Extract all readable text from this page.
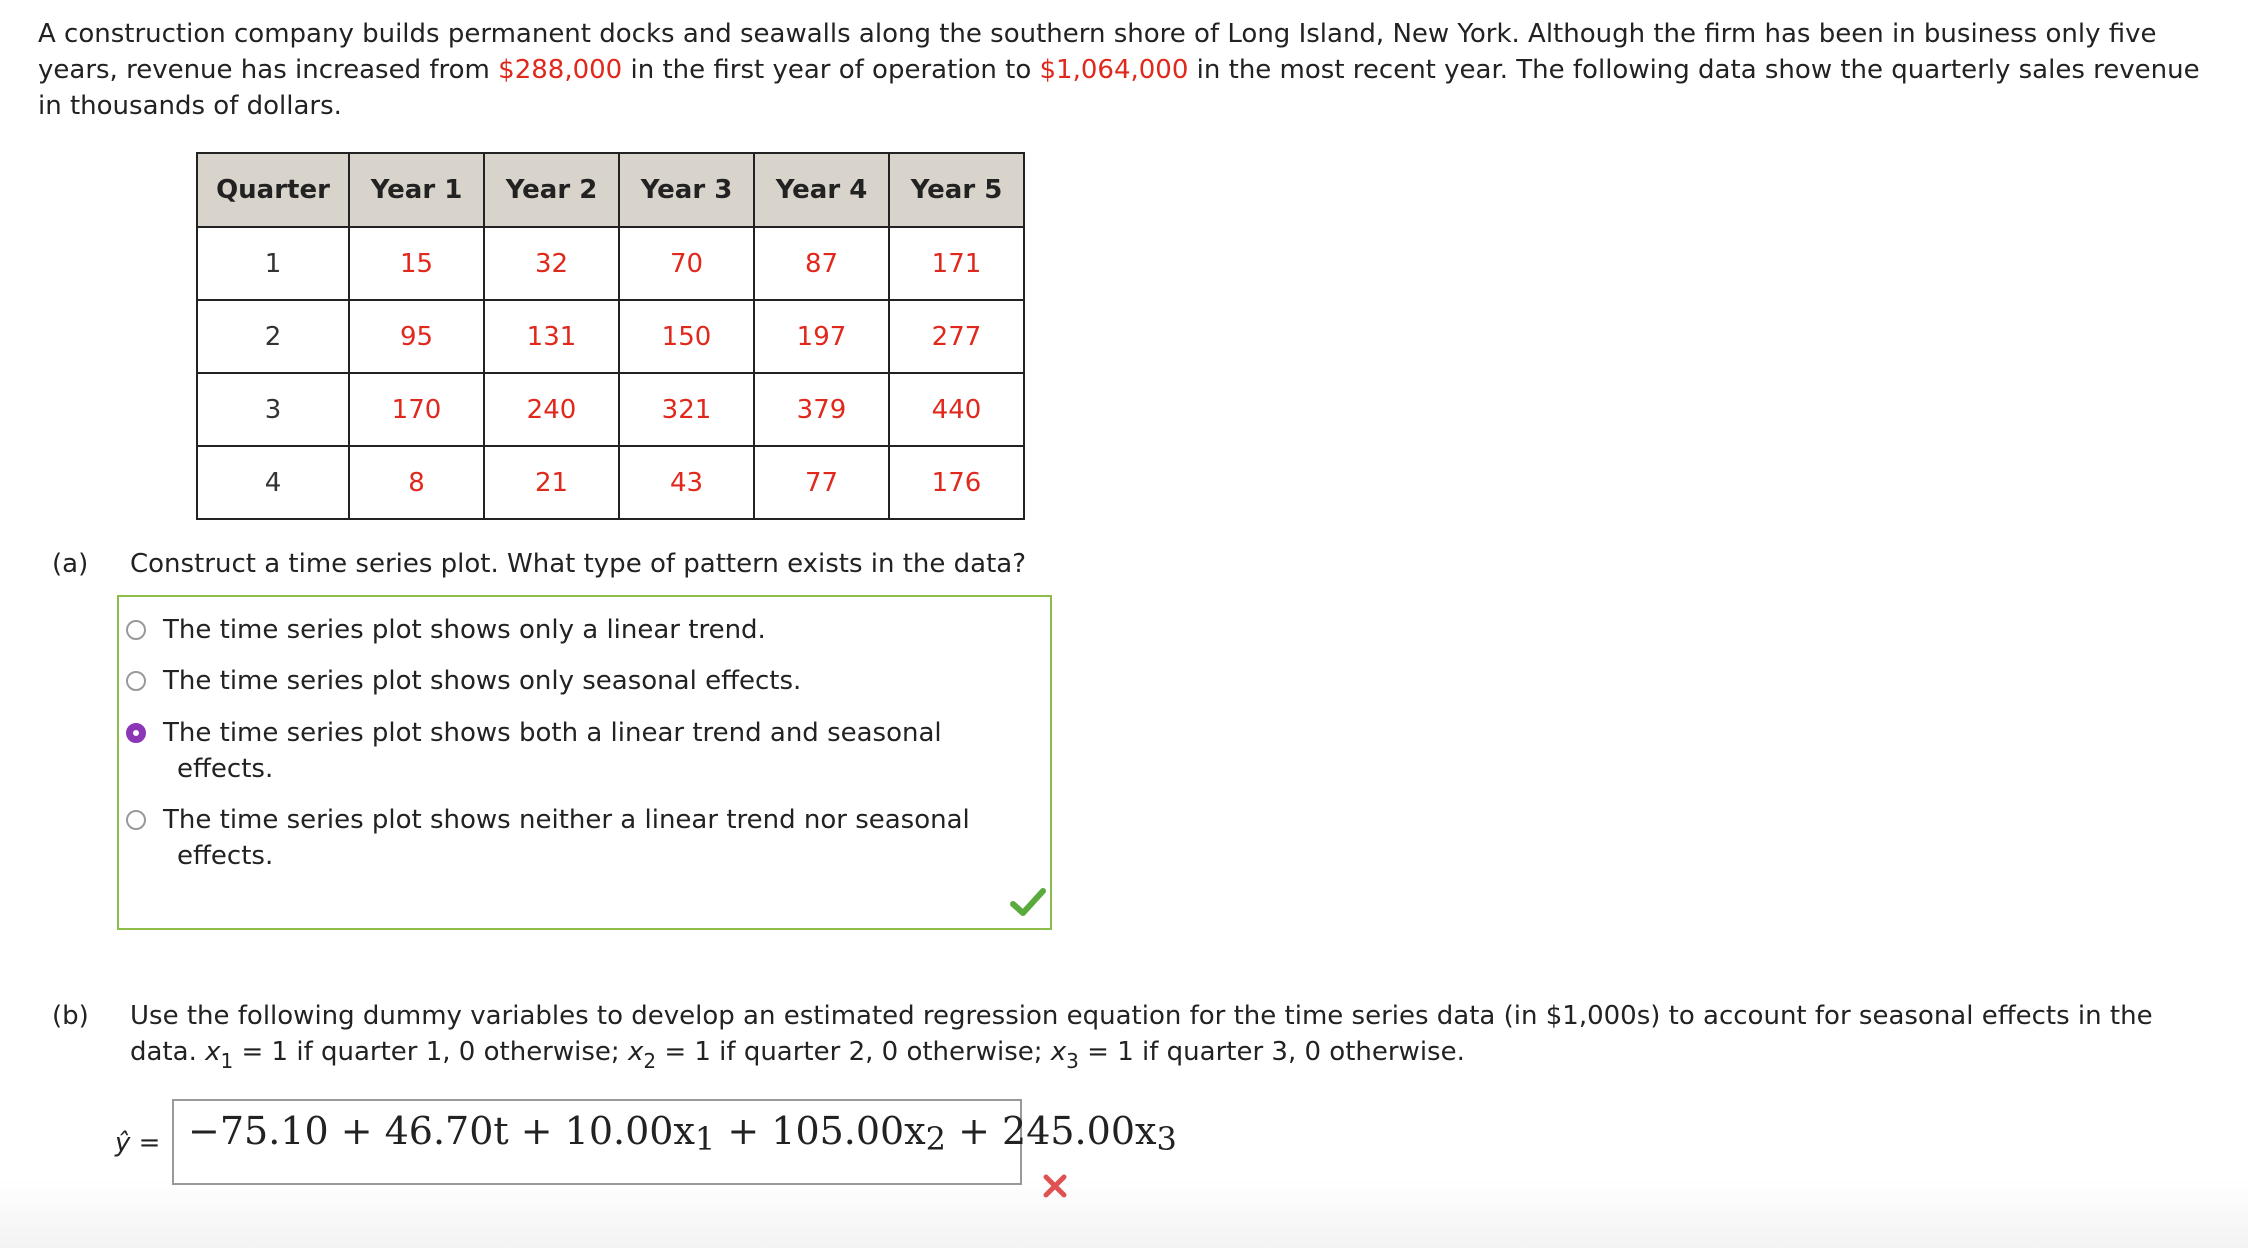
A construction company builds permanent docks and seawalls along the southern shore of Long Island, New York. Although the firm has been in business only five years, revenue has increased from $288,000 in the first year of operation to $1,064,000 in the most recent year. The following data show the quarterly sales revenue in thousands of dollars.
Quarter	Year 1	Year 2	Year 3	Year 4	Year 5
1	15	32	70	87	171
2	95	131	150	197	277
3	170	240	321	379	440
4	8	21	43	77	176
(a) Construct a time series plot. What type of pattern exists in the data?
The time series plot shows only a linear trend.
The time series plot shows only seasonal effects.
The time series plot shows both a linear trend and seasonal
effects.
The time series plot shows neither a linear trend nor seasonal
effects.
(b) Use the following dummy variables to develop an estimated regression equation for the time series data (in $1,000s) to account for seasonal effects in the
data. $x_1 = 1$ if quarter 1, 0 otherwise; $x_2 = 1$ if quarter 2, 0 otherwise; $x_3 = 1$ if quarter 3, 0 otherwise.
ŷ = $-75.10 + 46.70t + 10.00x_1 + 105.00x_2 + 245.00x_3$
